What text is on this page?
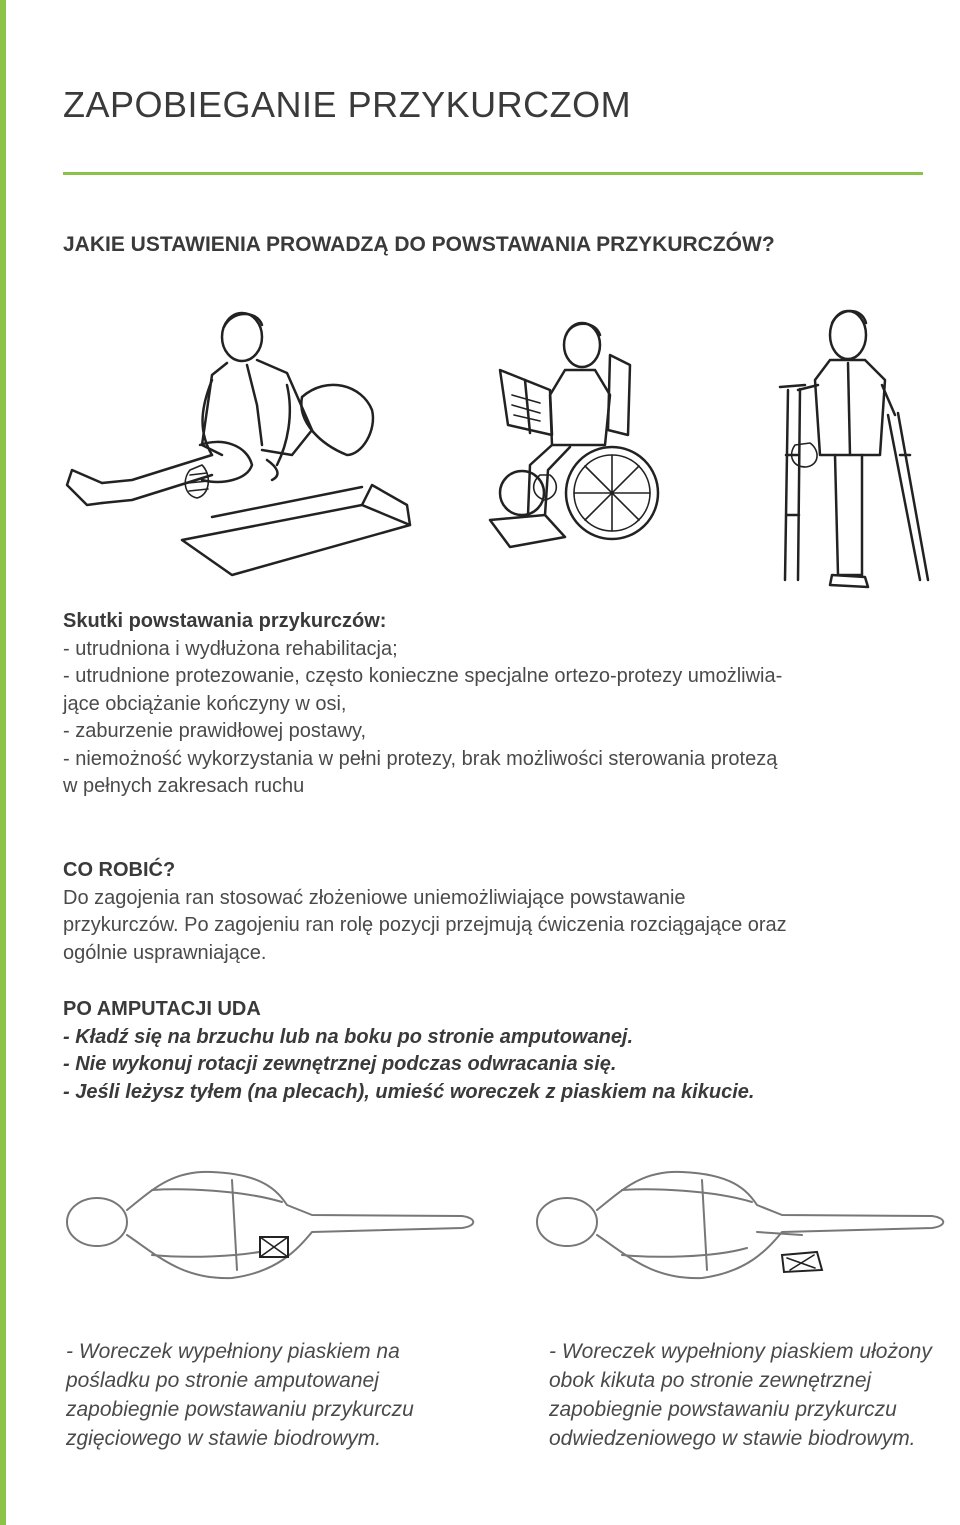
ZAPOBIEGANIE PRZYKURCZOM
JAKIE USTAWIENIA PROWADZĄ DO POWSTAWANIA PRZYKURCZÓW?

Skutki powstawania przykurczów:

- utrudniona i wydłużona rehabilitacja;

- utrudnione protezowanie, często konieczne specjalne ortezo-protezy umożliwia-

jące obciążanie kończyny w osi,

- zaburzenie prawidłowej postawy,

- niemożność wykorzystania w pełni protezy, brak możliwości sterowania protezą

w pełnych zakresach ruchu

CO ROBIĆ?

Do zagojenia ran stosować złożeniowe uniemożliwiające powstawanie

przykurczów. Po zagojeniu ran rolę pozycji przejmują ćwiczenia rozciągające oraz

ogólnie usprawniające.

PO AMPUTACJI UDA

- Kładź się na brzuchu lub na boku po stronie amputowanej.

- Nie wykonuj rotacji zewnętrznej podczas odwracania się.

- Jeśli leżysz tyłem (na plecach), umieść woreczek z piaskiem na kikucie.

- Woreczek wypełniony piaskiem na

pośladku po stronie amputowanej

zapobiegnie powstawaniu przykurczu

zgięciowego w stawie biodrowym.

- Woreczek wypełniony piaskiem ułożony

obok kikuta po stronie zewnętrznej

zapobiegnie powstawaniu przykurczu

odwiedzeniowego w stawie biodrowym.
